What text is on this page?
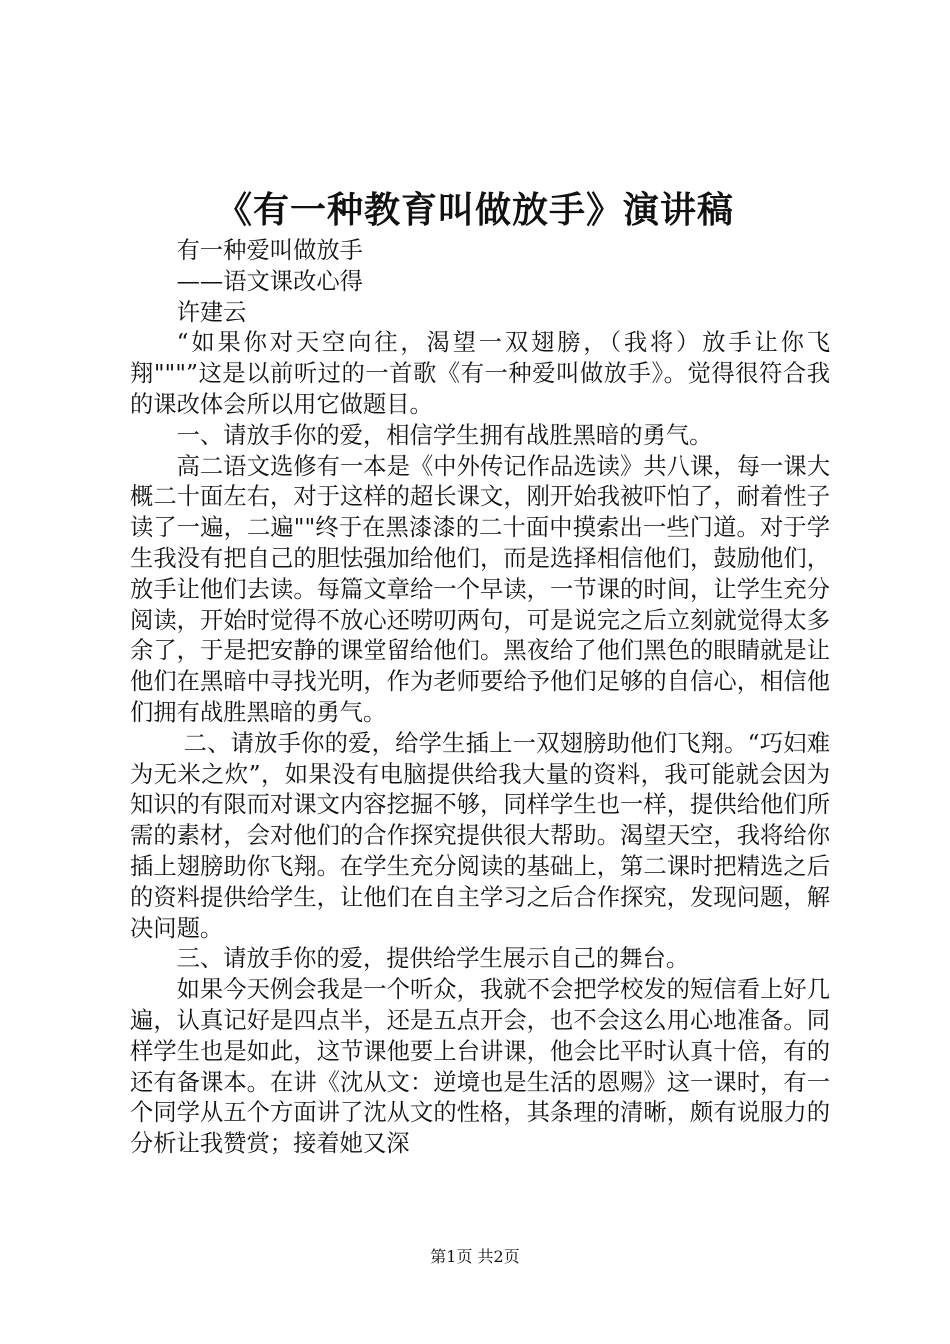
《有一种教育叫做放手》演讲稿

有一种爱叫做放手

——语文课改心得

许建云

“如果你对天空向往，渴望一双翅膀，（我将）放手让你飞翔"""”这是以前听过的一首歌《有一种爱叫做放手》。觉得很符合我的课改体会所以用它做题目。

一、请放手你的爱，相信学生拥有战胜黑暗的勇气。

高二语文选修有一本是《中外传记作品选读》共八课，每一课大概二十面左右，对于这样的超长课文，刚开始我被吓怕了，耐着性子读了一遍，二遍""终于在黑漆漆的二十面中摸索出一些门道。对于学生我没有把自己的胆怯强加给他们，而是选择相信他们，鼓励他们，放手让他们去读。每篇文章给一个早读，一节课的时间，让学生充分阅读，开始时觉得不放心还唠叨两句，可是说完之后立刻就觉得太多余了，于是把安静的课堂留给他们。黑夜给了他们黑色的眼睛就是让他们在黑暗中寻找光明，作为老师要给予他们足够的自信心，相信他们拥有战胜黑暗的勇气。

二、请放手你的爱，给学生插上一双翅膀助他们飞翔。“巧妇难为无米之炊”，如果没有电脑提供给我大量的资料，我可能就会因为知识的有限而对课文内容挖掘不够，同样学生也一样，提供给他们所需的素材，会对他们的合作探究提供很大帮助。渴望天空，我将给你插上翅膀助你飞翔。在学生充分阅读的基础上，第二课时把精选之后的资料提供给学生，让他们在自主学习之后合作探究，发现问题，解决问题。

三、请放手你的爱，提供给学生展示自己的舞台。

如果今天例会我是一个听众，我就不会把学校发的短信看上好几遍，认真记好是四点半，还是五点开会，也不会这么用心地准备。同样学生也是如此，这节课他要上台讲课，他会比平时认真十倍，有的还有备课本。在讲《沈从文：逆境也是生活的恩赐》这一课时，有一个同学从五个方面讲了沈从文的性格，其条理的清晰，颇有说服力的分析让我赞赏；接着她又深

第1页 共2页
